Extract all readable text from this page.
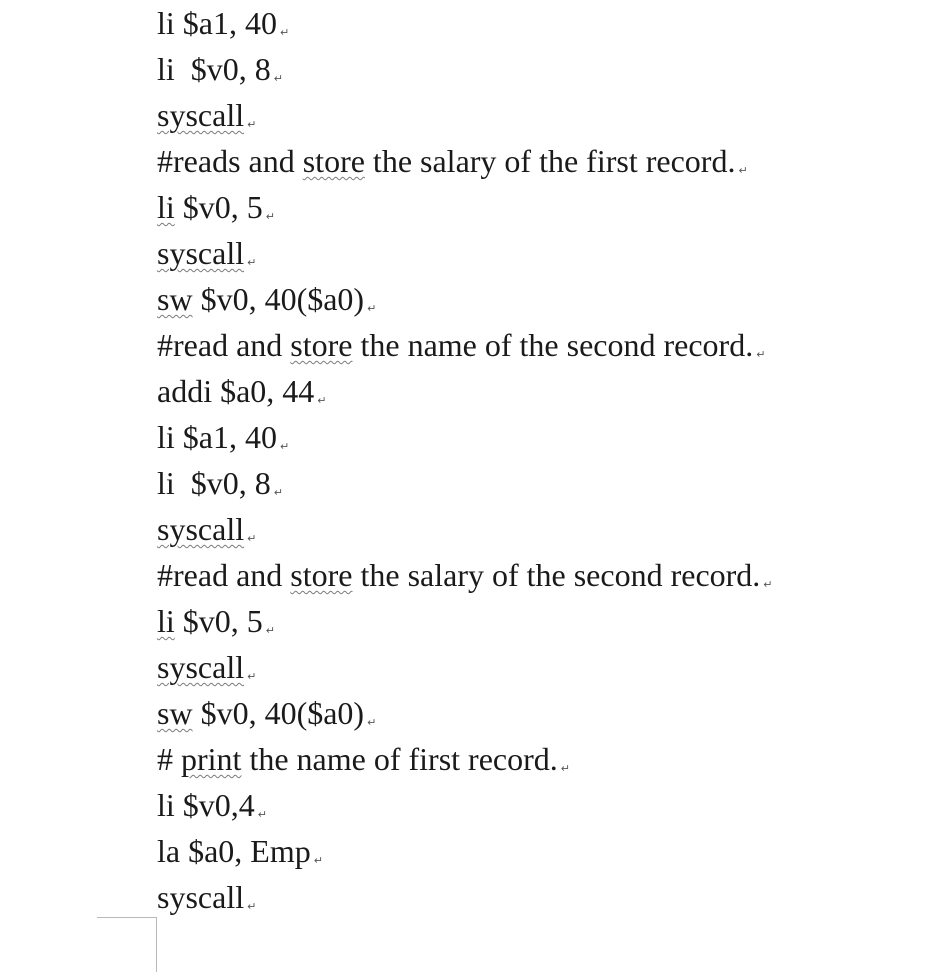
li $a1, 40 ↵
li  $v0, 8 ↵
syscall ↵
#reads and store the salary of the first record. ↵
li $v0, 5 ↵
syscall ↵
sw $v0, 40($a0) ↵
#read and store the name of the second record. ↵
addi $a0, 44 ↵
li $a1, 40 ↵
li  $v0, 8 ↵
syscall ↵
#read and store the salary of the second record. ↵
li $v0, 5 ↵
syscall ↵
sw $v0, 40($a0) ↵
# print the name of first record. ↵
li $v0,4 ↵
la $a0, Emp ↵
syscall ↵
